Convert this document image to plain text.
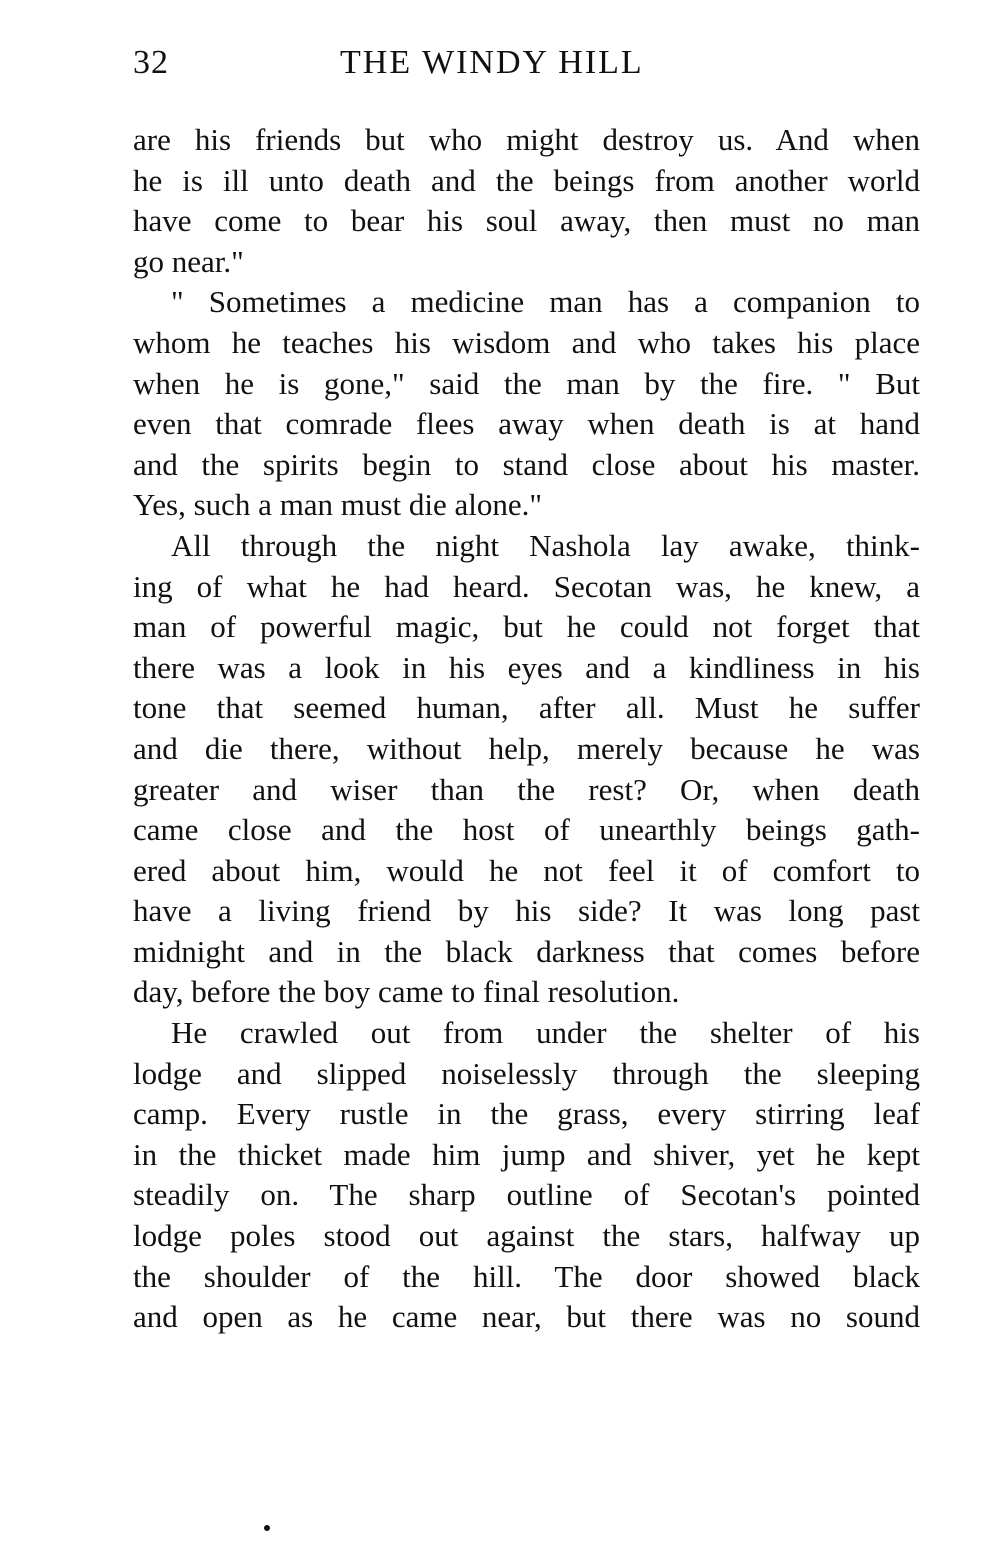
32	THE WINDY HILL
are his friends but who might destroy us. And when
he is ill unto death and the beings from another world
have come to bear his soul away, then must no man
go near."
" Sometimes a medicine man has a companion to
whom he teaches his wisdom and who takes his place
when he is gone," said the man by the fire. " But
even that comrade flees away when death is at hand
and the spirits begin to stand close about his master.
Yes, such a man must die alone."
All through the night Nashola lay awake, think-
ing of what he had heard. Secotan was, he knew, a
man of powerful magic, but he could not forget that
there was a look in his eyes and a kindliness in his
tone that seemed human, after all. Must he suffer
and die there, without help, merely because he was
greater and wiser than the rest? Or, when death
came close and the host of unearthly beings gath-
ered about him, would he not feel it of comfort to
have a living friend by his side? It was long past
midnight and in the black darkness that comes before
day, before the boy came to final resolution.
He crawled out from under the shelter of his
lodge and slipped noiselessly through the sleeping
camp. Every rustle in the grass, every stirring leaf
in the thicket made him jump and shiver, yet he kept
steadily on. The sharp outline of Secotan's pointed
lodge poles stood out against the stars, halfway up
the shoulder of the hill. The door showed black
and open as he came near, but there was no sound
